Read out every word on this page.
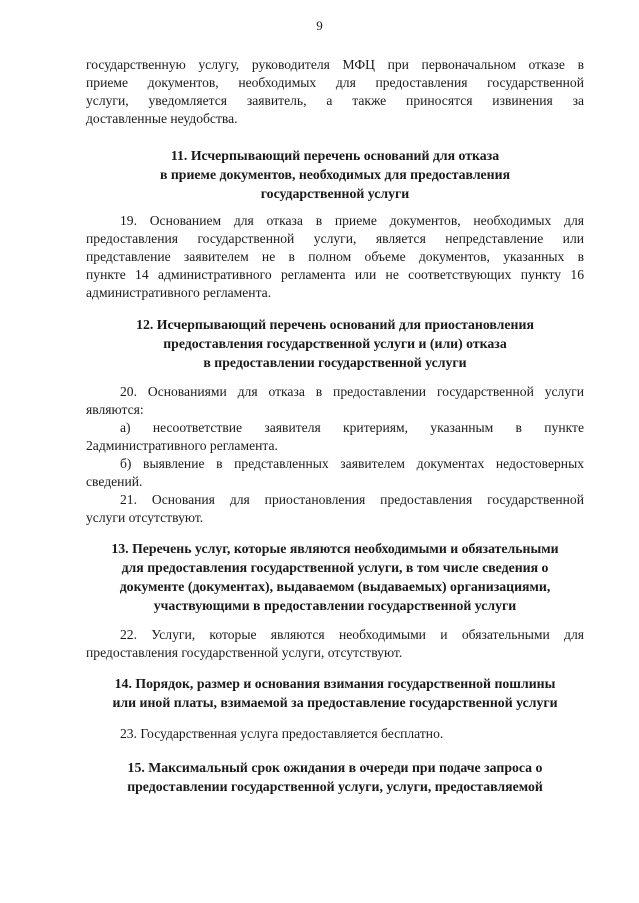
9
государственную услугу, руководителя МФЦ при первоначальном отказе в
приеме документов, необходимых для предоставления государственной
услуги, уведомляется заявитель, а также приносятся извинения за
доставленные неудобства.
11. Исчерпывающий перечень оснований для отказа
в приеме документов, необходимых для предоставления
государственной услуги
19. Основанием для отказа в приеме документов, необходимых для
предоставления государственной услуги, является непредставление или
представление заявителем не в полном объеме документов, указанных в
пункте 14 административного регламента или не соответствующих пункту 16
административного регламента.
12. Исчерпывающий перечень оснований для приостановления
предоставления государственной услуги и (или) отказа
в предоставлении государственной услуги
20. Основаниями для отказа в предоставлении государственной услуги
являются:
а) несоответствие заявителя критериям, указанным в пункте
2административного регламента.
б) выявление в представленных заявителем документах недостоверных
сведений.
21. Основания для приостановления предоставления государственной
услуги отсутствуют.
13. Перечень услуг, которые являются необходимыми и обязательными
для предоставления государственной услуги, в том числе сведения о
документе (документах), выдаваемом (выдаваемых) организациями,
участвующими в предоставлении государственной услуги
22. Услуги, которые являются необходимыми и обязательными для
предоставления государственной услуги, отсутствуют.
14. Порядок, размер и основания взимания государственной пошлины
или иной платы, взимаемой за предоставление государственной услуги
23. Государственная услуга предоставляется бесплатно.
15. Максимальный срок ожидания в очереди при подаче запроса о
предоставлении государственной услуги, услуги, предоставляемой
